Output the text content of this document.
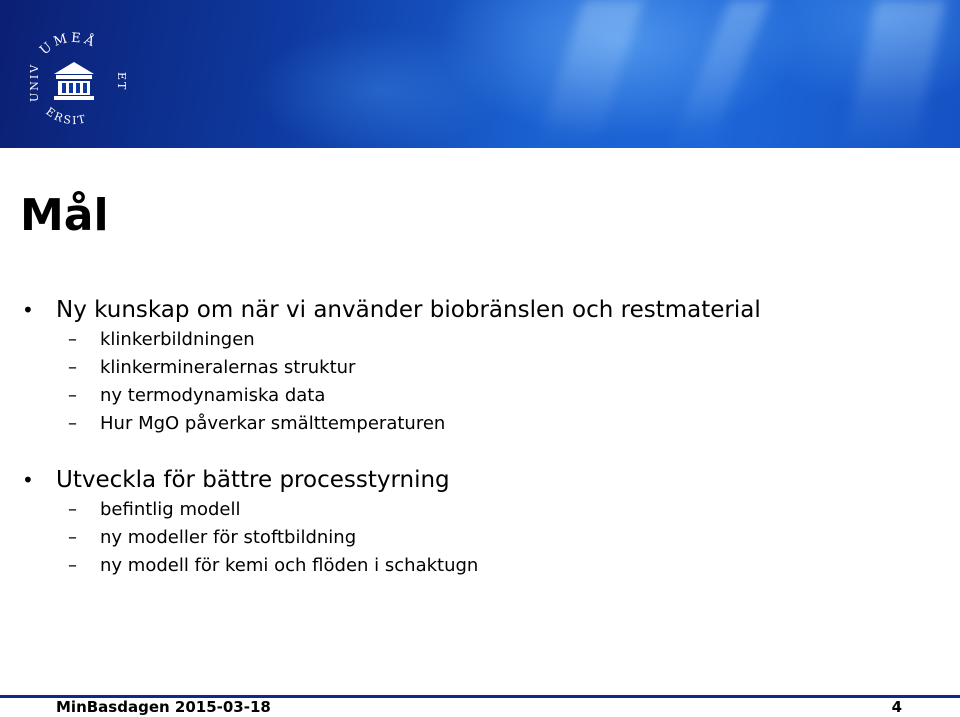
UMEÅ
UNIV
ERSIT
ET
Mål
• Ny kunskap om när vi använder biobränslen och restmaterial
– klinkerbildningen
– klinkermineralernas struktur
– ny termodynamiska data
– Hur MgO påverkar smälttemperaturen
• Utveckla för bättre processtyrning
– befintlig modell
– ny modeller för stoftbildning
– ny modell för kemi och flöden i schaktugn
MinBasdagen 2015-03-18	4
